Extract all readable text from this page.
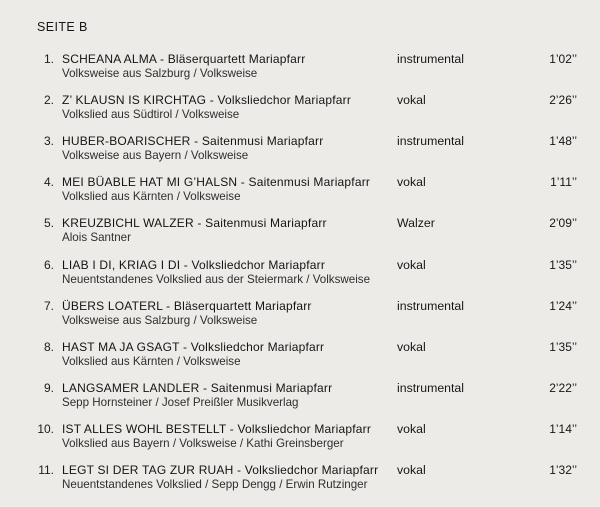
SEITE B
1. SCHEANA ALMA - Bläserquartett Mariapfarr
Volksweise aus Salzburg / Volksweise
instrumental	1’02’’
2. Z’ KLAUSN IS KIRCHTAG - Volksliedchor Mariapfarr
Volkslied aus Südtirol / Volksweise
vokal	2’26’’
3. HUBER-BOARISCHER - Saitenmusi Mariapfarr
Volksweise aus Bayern / Volksweise
instrumental	1’48’’
4. MEI BÜABLE HAT MI G’HALSN - Saitenmusi Mariapfarr
Volkslied aus Kärnten / Volksweise
vokal	1’11’’
5. KREUZBICHL WALZER - Saitenmusi Mariapfarr
Alois Santner
Walzer	2’09’’
6. LIAB I DI, KRIAG I DI - Volksliedchor Mariapfarr
Neuentstandenes Volkslied aus der Steiermark / Volksweise
vokal	1’35’’
7. ÜBERS LOATERL - Bläserquartett Mariapfarr
Volksweise aus Salzburg / Volksweise
instrumental	1’24’’
8. HAST MA JA GSAGT - Volksliedchor Mariapfarr
Volkslied aus Kärnten / Volksweise
vokal	1’35’’
9. LANGSAMER LANDLER - Saitenmusi Mariapfarr
Sepp Hornsteiner / Josef Preißler Musikverlag
instrumental	2’22’’
10. IST ALLES WOHL BESTELLT - Volksliedchor Mariapfarr
Volkslied aus Bayern / Volksweise / Kathi Greinsberger
vokal	1’14’’
11. LEGT SI DER TAG ZUR RUAH - Volksliedchor Mariapfarr
Neuentstandenes Volkslied / Sepp Dengg / Erwin Rutzinger
vokal	1’32’’
